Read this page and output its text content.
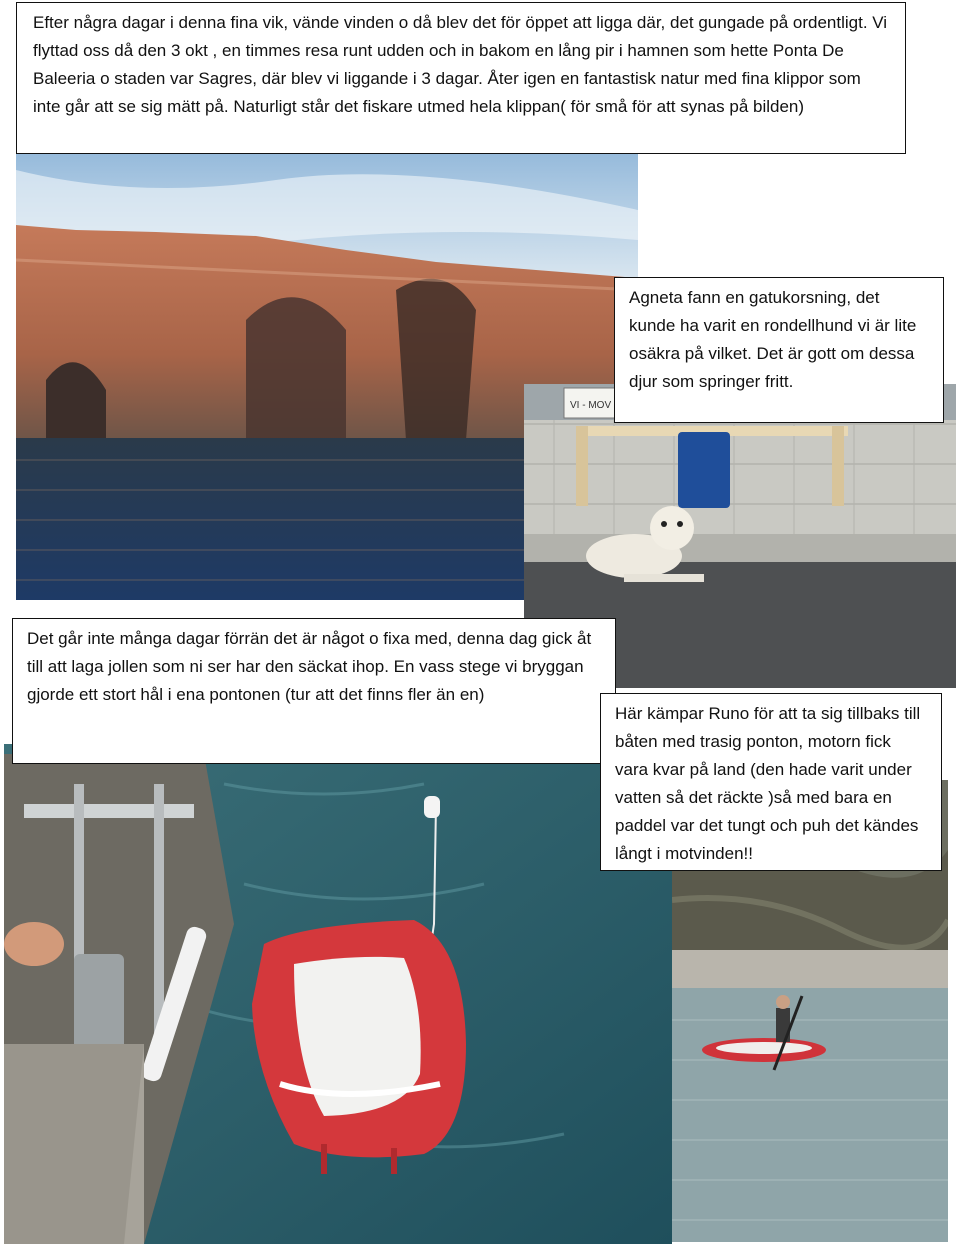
VI - MOV

Efter några dagar i denna fina vik, vände vinden o då blev det för öppet att ligga där, det gungade på ordentligt. Vi flyttad oss då den 3 okt , en timmes resa runt udden och in bakom en lång pir i hamnen som hette Ponta De Baleeria o staden var Sagres, där blev vi liggande i 3 dagar. Åter igen en fantastisk natur med fina klippor som inte går att se sig mätt på. Naturligt står det fiskare utmed hela klippan( för små för att synas på bilden)

Agneta fann en gatukorsning, det kunde ha varit en rondellhund vi är lite osäkra på vilket. Det är gott om dessa djur som springer fritt.

Det går inte många dagar förrän det är något o fixa med, denna dag gick åt till att laga jollen som ni ser har den säckat ihop. En vass stege vi bryggan gjorde ett stort hål i ena pontonen (tur att det finns fler än en)

Här kämpar Runo för att ta sig tillbaks till båten med trasig ponton, motorn fick vara kvar på land (den hade varit under vatten så det räckte )så med bara en paddel var det tungt och puh det kändes långt i motvinden!!
